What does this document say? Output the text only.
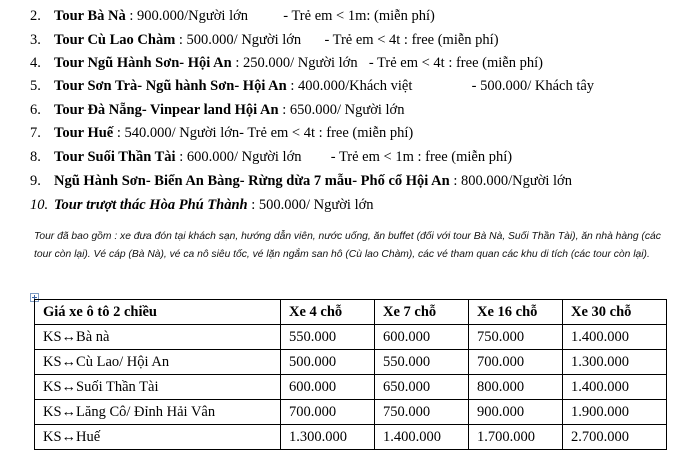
2. Tour Bà Nà : 900.000/Người lớn - Trẻ em < 1m: (miễn phí)
3. Tour Cù Lao Chàm : 500.000/ Người lớn - Trẻ em < 4t : free (miễn phí)
4. Tour Ngũ Hành Sơn- Hội An : 250.000/ Người lớn - Trẻ em < 4t : free (miễn phí)
5. Tour Sơn Trà- Ngũ hành Sơn- Hội An : 400.000/Khách việt	- 500.000/ Khách tây
6. Tour Đà Nẵng- Vinpear land Hội An : 650.000/ Người lớn
7. Tour Huế : 540.000/ Người lớn- Trẻ em < 4t : free (miễn phí)
8. Tour Suối Thần Tài : 600.000/ Người lớn - Trẻ em < 1m : free (miễn phí)
9. Ngũ Hành Sơn- Biển An Bàng- Rừng dừa 7 mẫu- Phố cổ Hội An : 800.000/Người lớn
10. Tour trượt thác Hòa Phú Thành : 500.000/ Người lớn
Tour đã bao gồm : xe đưa đón tại khách sạn, hướng dẫn viên, nước uống, ăn buffet (đối với tour Bà Nà, Suối Thần Tài), ăn nhà hàng (các tour còn lại). Vé cáp (Bà Nà), vé ca nô siêu tốc, vé lặn ngắm san hô (Cù lao Chàm), các vé tham quan các khu di tích (các tour còn lại).
Giá xe ô tô 2 chiều	Xe 4 chỗ	Xe 7 chỗ	Xe 16 chỗ	Xe 30 chỗ
KS↔Bà nà	550.000	600.000	750.000	1.400.000
KS↔Cù Lao/ Hội An	500.000	550.000	700.000	1.300.000
KS↔Suối Thần Tài	600.000	650.000	800.000	1.400.000
KS↔Lăng Cô/ Đỉnh Hải Vân	700.000	750.000	900.000	1.900.000
KS↔Huế	1.300.000	1.400.000	1.700.000	2.700.000
